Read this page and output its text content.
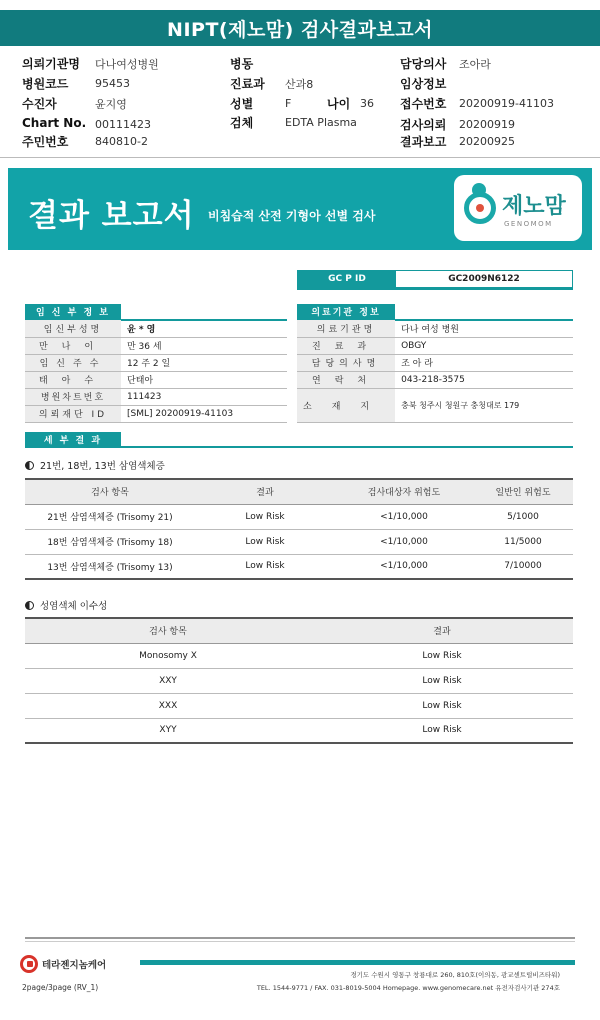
NIPT(제노맘) 검사결과보고서
의뢰기관명 다나여성병원
병원코드 95453
수진자	윤지영
Chart No. 00111423
주민번호 840810-2
병동
진료과 산과8
성별	F	나이 36
검체	EDTA Plasma
담당의사 조아라
임상정보
접수번호 20200919-41103
검사의뢰 20200919
결과보고 20200925
결과 보고서 비침습적 산전 기형아 선별 검사	제노맘
GENOMOM
GC P ID	GC2009N6122
임 신 부 정 보
임신부성명	윤 * 영
만나이	만 36 세
임신주수	12 주 2 일
태아수	단태아
병원차트번호	111423
의뢰재단 ID	[SML] 20200919-41103
의료기관 정보
의료기관명	다나 여성 병원
진료과	OBGY
담당의사명	조 아 라
연락처	043-218-3575
소재지	충북 청주시 청원구 충청대로 179
세 부 결 과
21번, 18번, 13번 삼염색체증
검사 항목	결과	검사대상자 위험도	일반인 위험도
21번 삼염색체증 (Trisomy 21)	Low Risk	<1/10,000	5/1000
18번 삼염색체증 (Trisomy 18)	Low Risk	<1/10,000	11/5000
13번 삼염색체증 (Trisomy 13)	Low Risk	<1/10,000	7/10000
성염색체 이수성
검사 항목	결과
Monosomy X	Low Risk
XXY	Low Risk
XXX	Low Risk
XYY	Low Risk
테라젠지놈케어
경기도 수원시 영통구 창룡대로 260, 810호(이의동, 광교센트럴비즈타워)
TEL. 1544-9771 / FAX. 031-8019-5004 Homepage. www.genomecare.net 유전자검사기관 274호
2page/3page (RV_1)
